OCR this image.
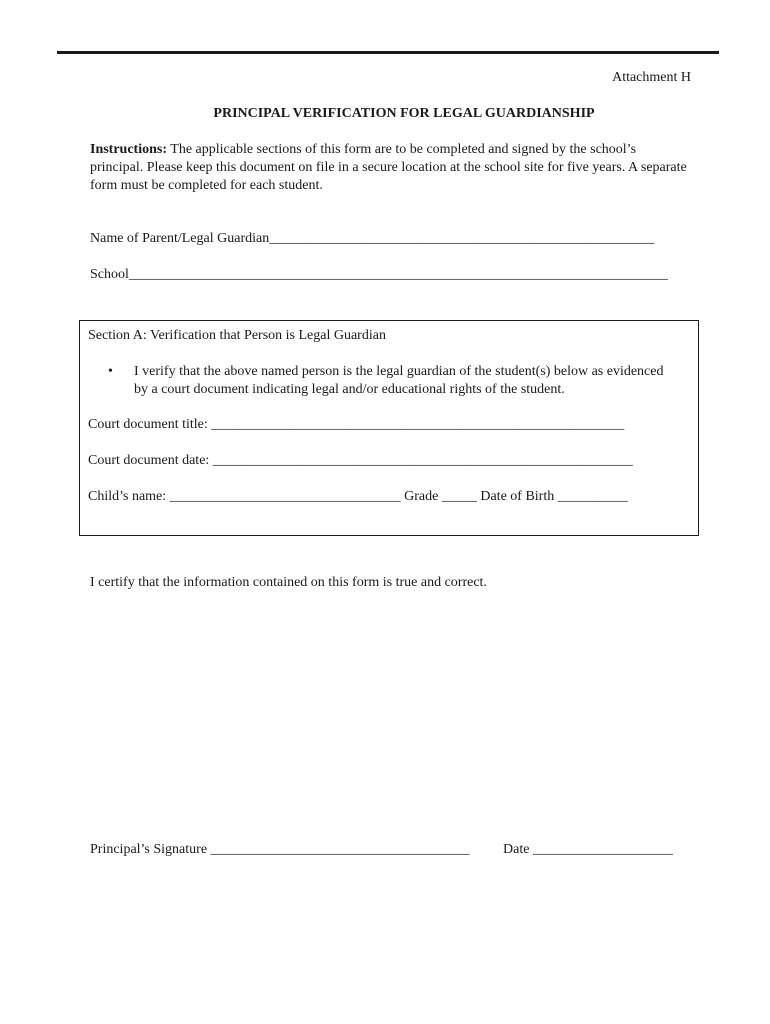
Attachment H
PRINCIPAL VERIFICATION FOR LEGAL GUARDIANSHIP
Instructions: The applicable sections of this form are to be completed and signed by the school’s principal. Please keep this document on file in a secure location at the school site for five years. A separate form must be completed for each student.
Name of Parent/Legal Guardian_______________________________________________________
School_____________________________________________________________________________
Section A: Verification that Person is Legal Guardian
• I verify that the above named person is the legal guardian of the student(s) below as evidenced by a court document indicating legal and/or educational rights of the student.
Court document title: ___________________________________________________________
Court document date: ____________________________________________________________
Child’s name: _________________________________ Grade _____ Date of Birth __________
I certify that the information contained on this form is true and correct.
Principal’s Signature _____________________________________ Date ____________________
